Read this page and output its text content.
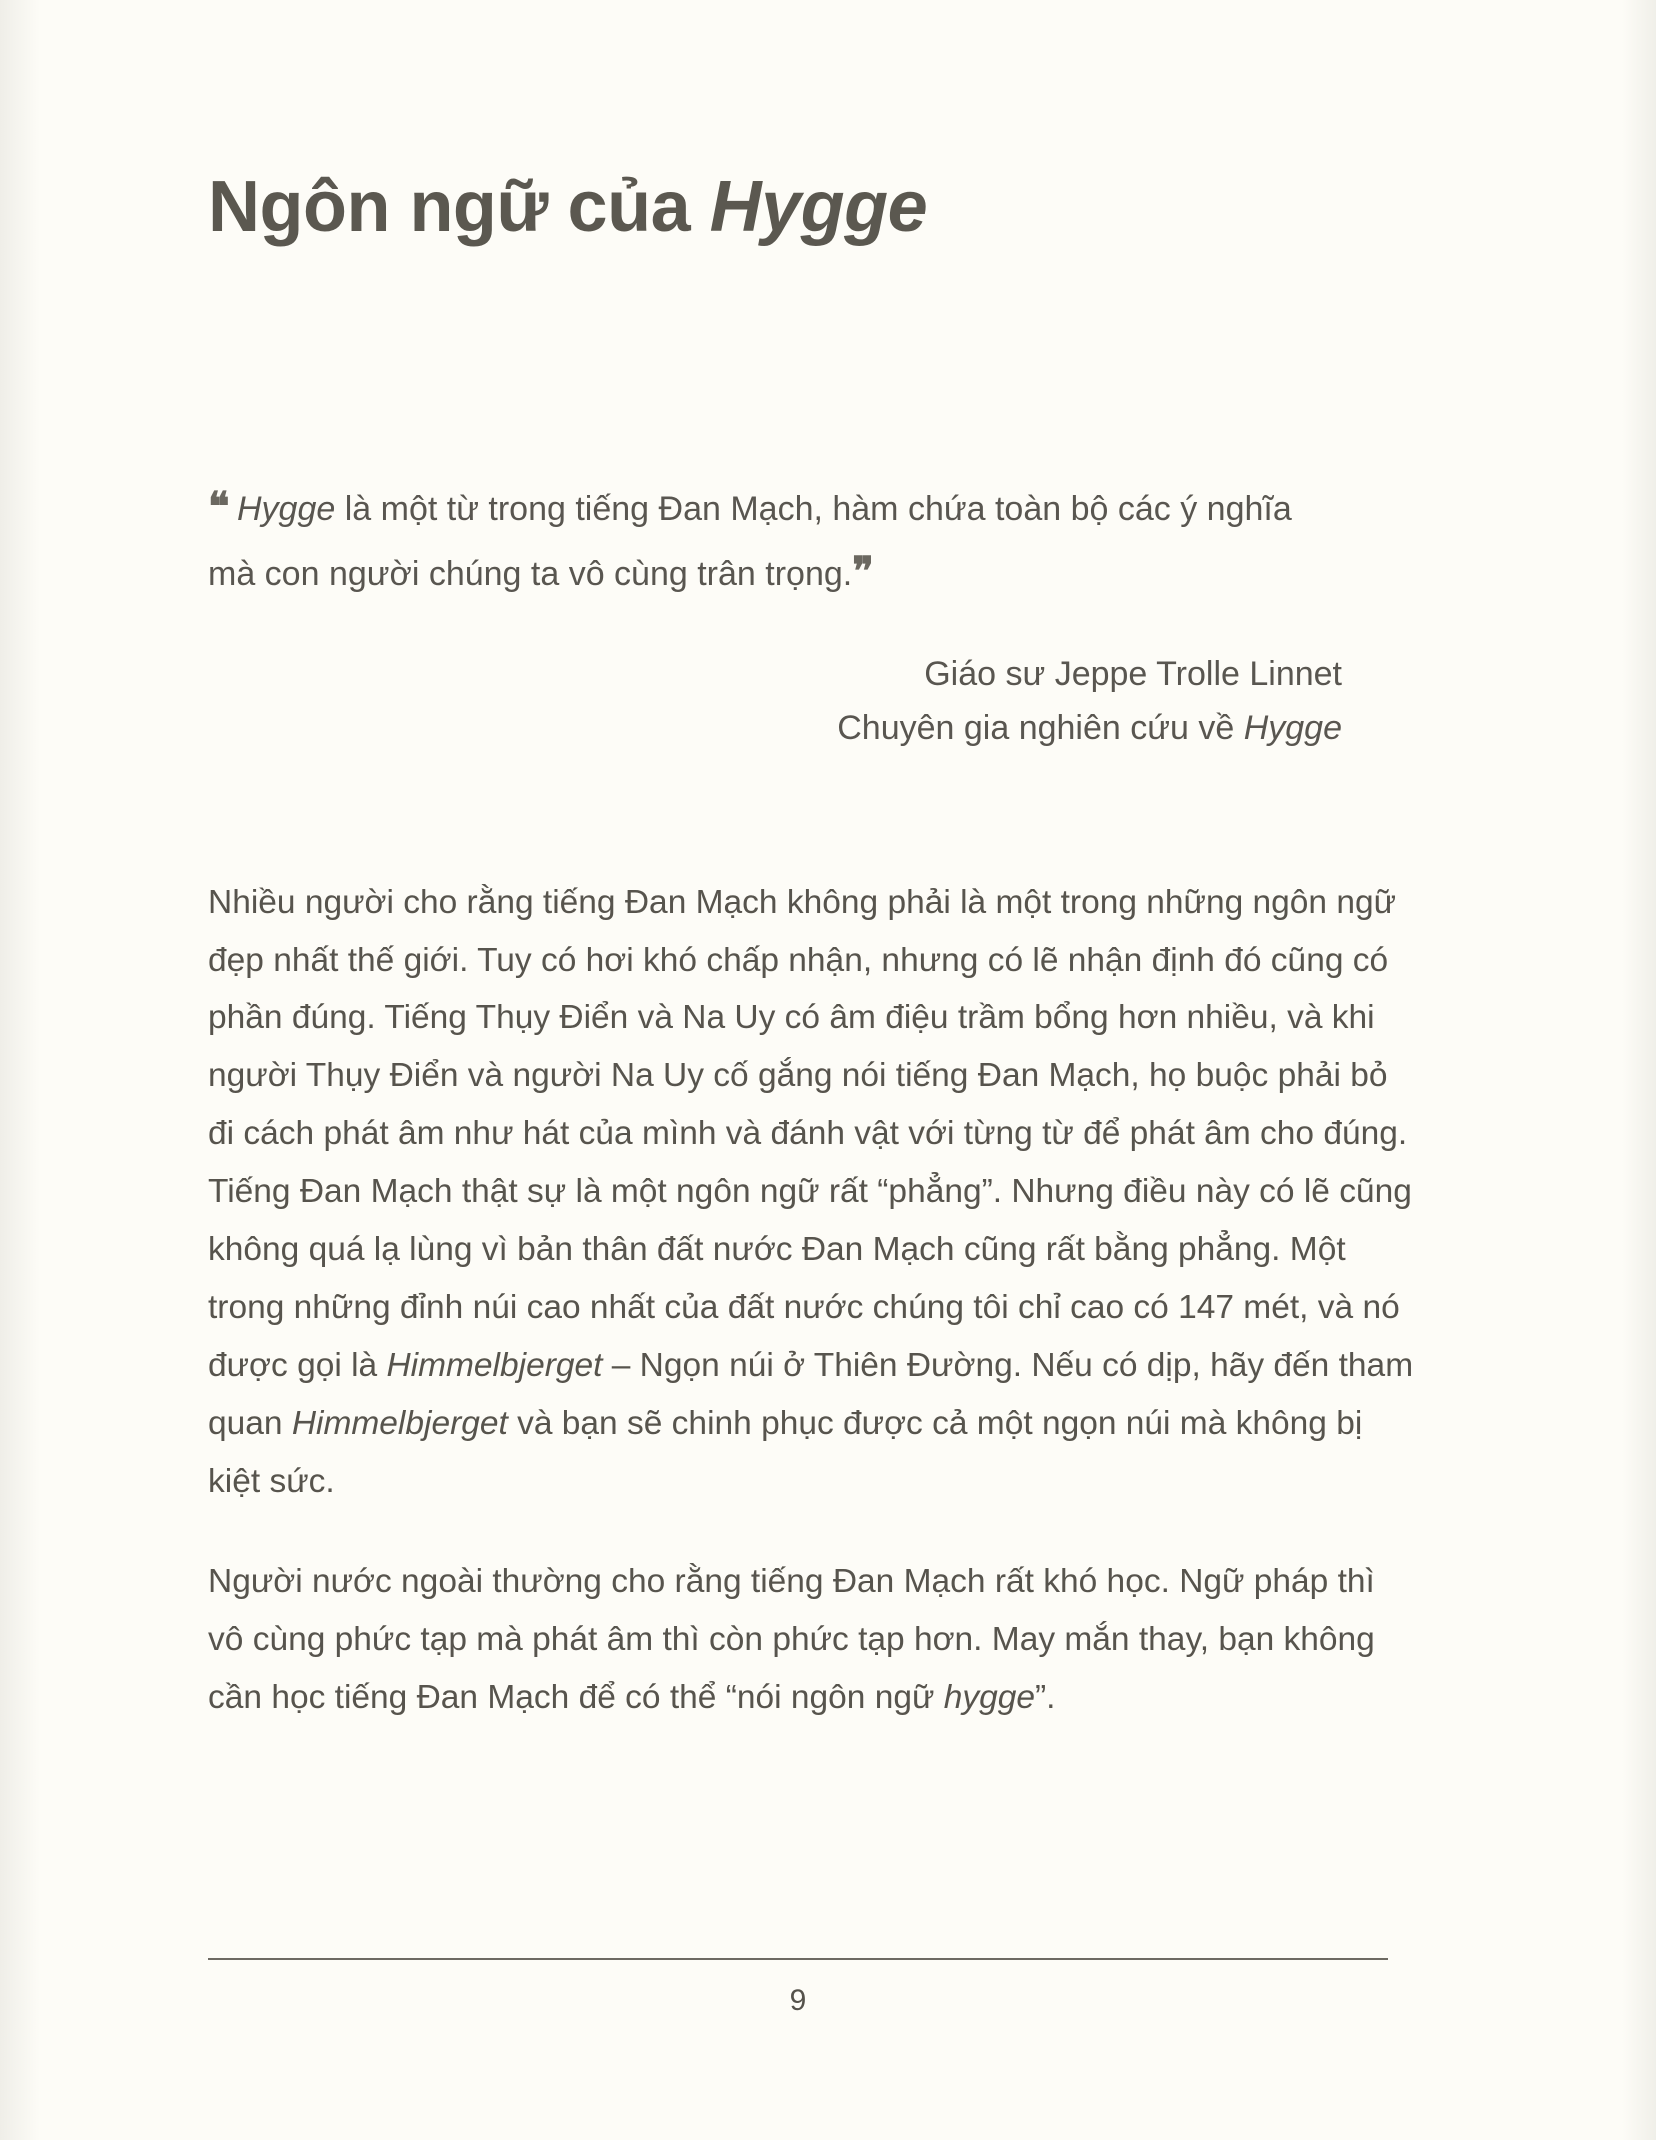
Ngôn ngữ của Hygge
❝ Hygge là một từ trong tiếng Đan Mạch, hàm chứa toàn bộ các ý nghĩa mà con người chúng ta vô cùng trân trọng.❞
Giáo sư Jeppe Trolle Linnet
Chuyên gia nghiên cứu về Hygge

Nhiều người cho rằng tiếng Đan Mạch không phải là một trong những ngôn ngữ đẹp nhất thế giới. Tuy có hơi khó chấp nhận, nhưng có lẽ nhận định đó cũng có phần đúng. Tiếng Thụy Điển và Na Uy có âm điệu trầm bổng hơn nhiều, và khi người Thụy Điển và người Na Uy cố gắng nói tiếng Đan Mạch, họ buộc phải bỏ đi cách phát âm như hát của mình và đánh vật với từng từ để phát âm cho đúng. Tiếng Đan Mạch thật sự là một ngôn ngữ rất “phẳng”. Nhưng điều này có lẽ cũng không quá lạ lùng vì bản thân đất nước Đan Mạch cũng rất bằng phẳng. Một trong những đỉnh núi cao nhất của đất nước chúng tôi chỉ cao có 147 mét, và nó được gọi là Himmelbjerget – Ngọn núi ở Thiên Đường. Nếu có dịp, hãy đến tham quan Himmelbjerget và bạn sẽ chinh phục được cả một ngọn núi mà không bị kiệt sức.

Người nước ngoài thường cho rằng tiếng Đan Mạch rất khó học. Ngữ pháp thì vô cùng phức tạp mà phát âm thì còn phức tạp hơn. May mắn thay, bạn không cần học tiếng Đan Mạch để có thể “nói ngôn ngữ hygge”.

9
